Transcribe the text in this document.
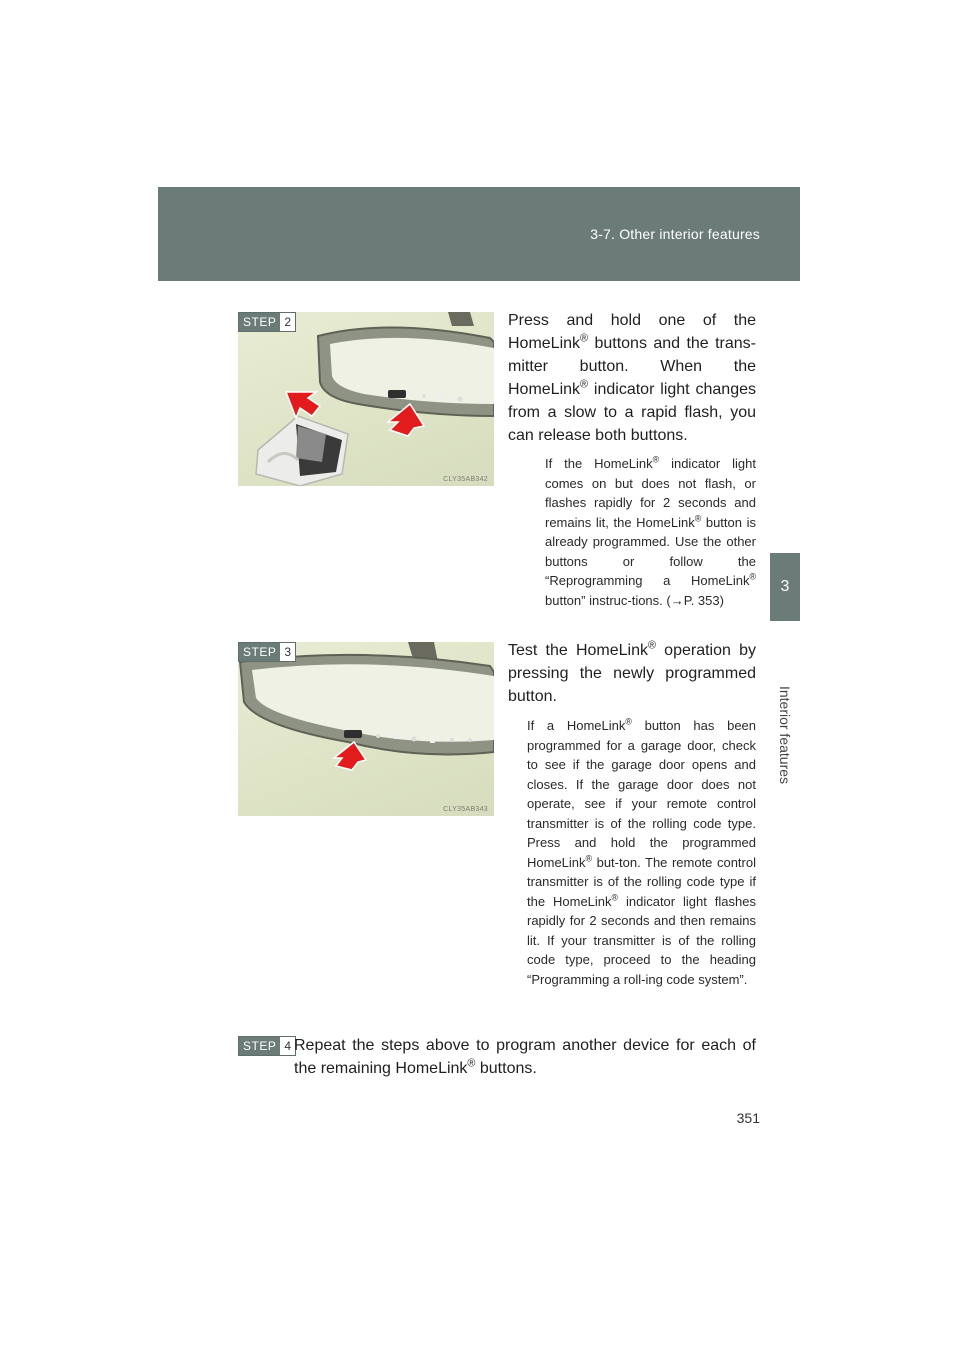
3-7. Other interior features
3
Interior features
STEP 2
CLY35AB342
Press and hold one of the HomeLink® buttons and the trans-mitter button. When the HomeLink® indicator light changes from a slow to a rapid flash, you can release both buttons.
If the HomeLink® indicator light comes on but does not flash, or flashes rapidly for 2 seconds and remains lit, the HomeLink® button is already programmed. Use the other buttons or follow the “Reprogramming a HomeLink® button” instruc-tions. (→P. 353)
STEP 3
CLY35AB343
Test the HomeLink® operation by pressing the newly programmed button.
If a HomeLink® button has been programmed for a garage door, check to see if the garage door opens and closes. If the garage door does not operate, see if your remote control transmitter is of the rolling code type. Press and hold the programmed HomeLink® but-ton. The remote control transmitter is of the rolling code type if the HomeLink® indicator light flashes rapidly for 2 seconds and then remains lit. If your transmitter is of the rolling code type, proceed to the heading “Programming a roll-ing code system”.
STEP 4 Repeat the steps above to program another device for each of the remaining HomeLink® buttons.
351
